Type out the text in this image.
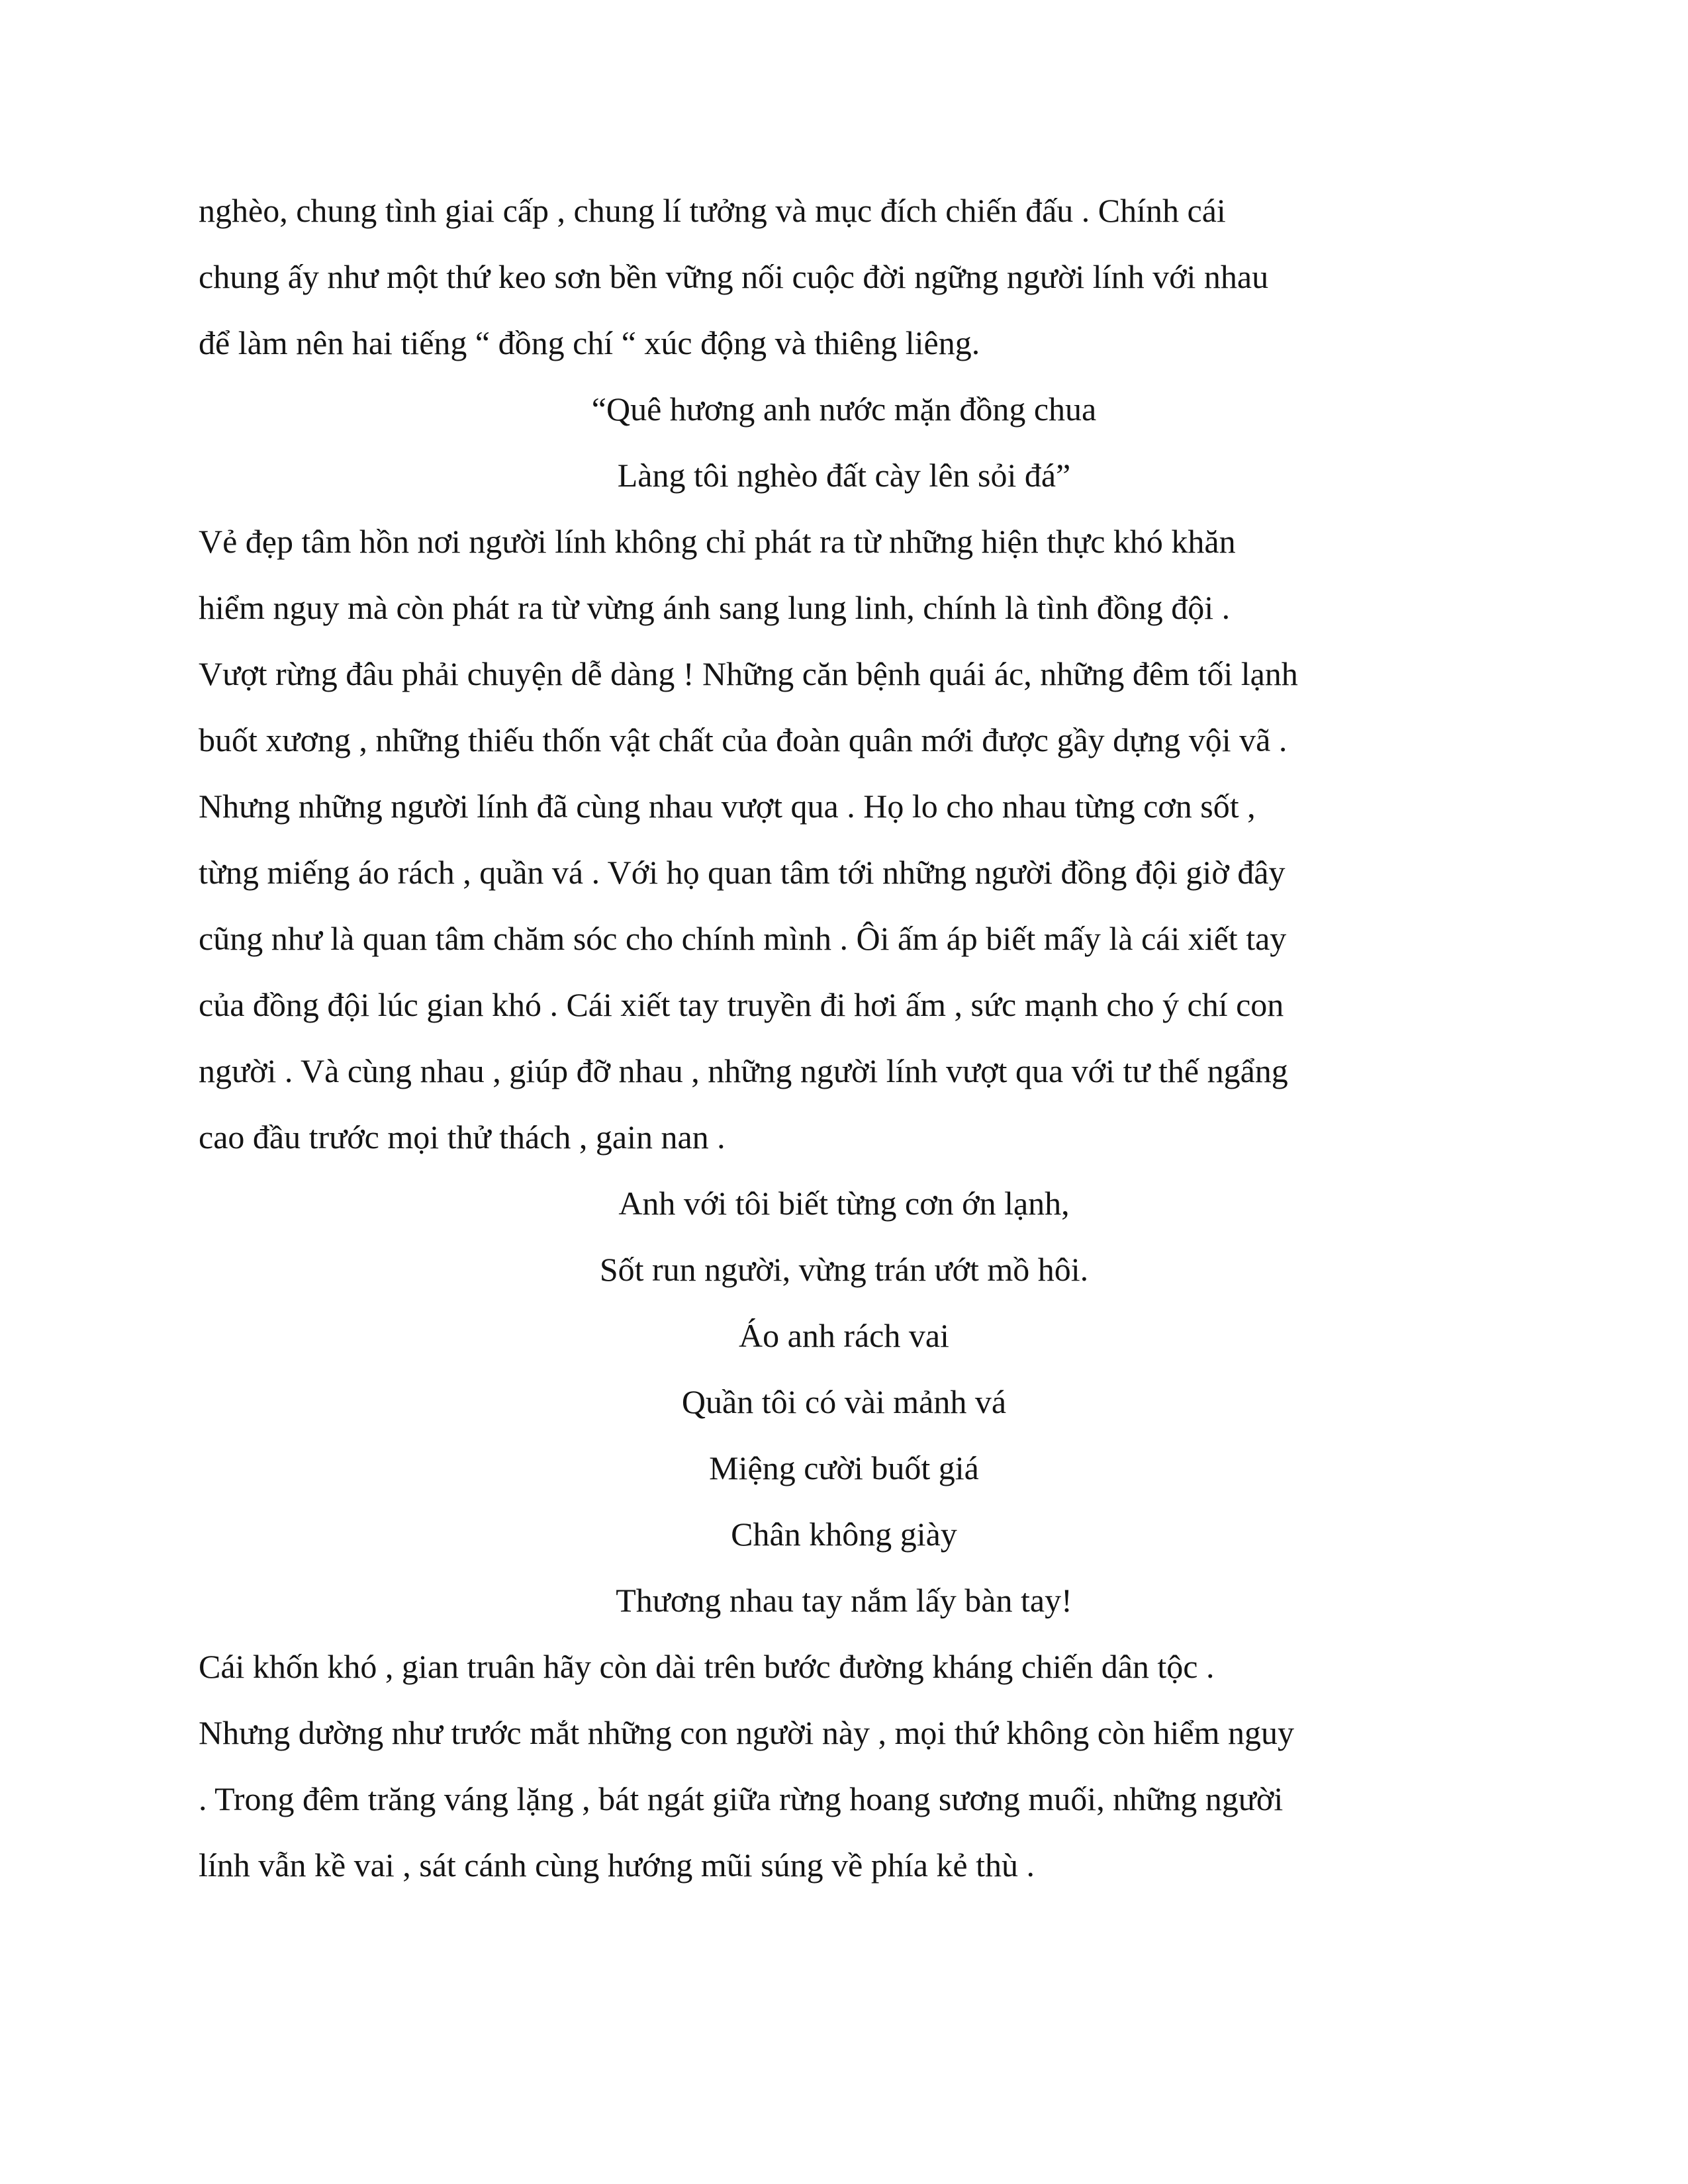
nghèo, chung tình giai cấp , chung lí tưởng và mục đích chiến đấu . Chính cái

chung ấy như một thứ keo sơn bền vững nối cuộc đời ngững người lính với nhau

để làm nên hai tiếng “ đồng chí “ xúc động và thiêng liêng.

“Quê hương anh nước mặn đồng chua

Làng tôi nghèo đất cày lên sỏi đá”

Vẻ đẹp tâm hồn nơi người lính không chỉ phát ra từ những hiện thực khó khăn

hiểm nguy mà còn phát ra từ vừng ánh sang lung linh, chính là tình đồng đội .

Vượt rừng đâu phải chuyện dễ dàng ! Những căn bệnh quái ác, những đêm tối lạnh

buốt xương , những thiếu thốn vật chất của đoàn quân mới được gầy dựng vội vã .

Nhưng những người lính đã cùng nhau vượt qua . Họ lo cho nhau từng cơn sốt ,

từng miếng áo rách , quần vá . Với họ quan tâm tới những người đồng đội giờ đây

cũng như là quan tâm chăm sóc cho chính mình . Ôi ấm áp biết mấy là cái xiết tay

của đồng đội lúc gian khó . Cái xiết tay truyền đi hơi ấm , sức mạnh cho ý chí con

người . Và cùng nhau , giúp đỡ nhau , những người lính vượt qua với tư thế ngẩng

cao đầu trước mọi thử thách , gain nan .

Anh với tôi biết từng cơn ớn lạnh,

Sốt run người, vừng trán ướt mồ hôi.

Áo anh rách vai

Quần tôi có vài mảnh vá

Miệng cười buốt giá

Chân không giày

Thương nhau tay nắm lấy bàn tay!

Cái khốn khó , gian truân hãy còn dài trên bước đường kháng chiến dân tộc .

Nhưng dường như trước mắt những con người này , mọi thứ không còn hiểm nguy

. Trong đêm trăng váng lặng , bát ngát giữa rừng hoang sương muối, những người

lính vẫn kề vai , sát cánh cùng hướng mũi súng về phía kẻ thù .
